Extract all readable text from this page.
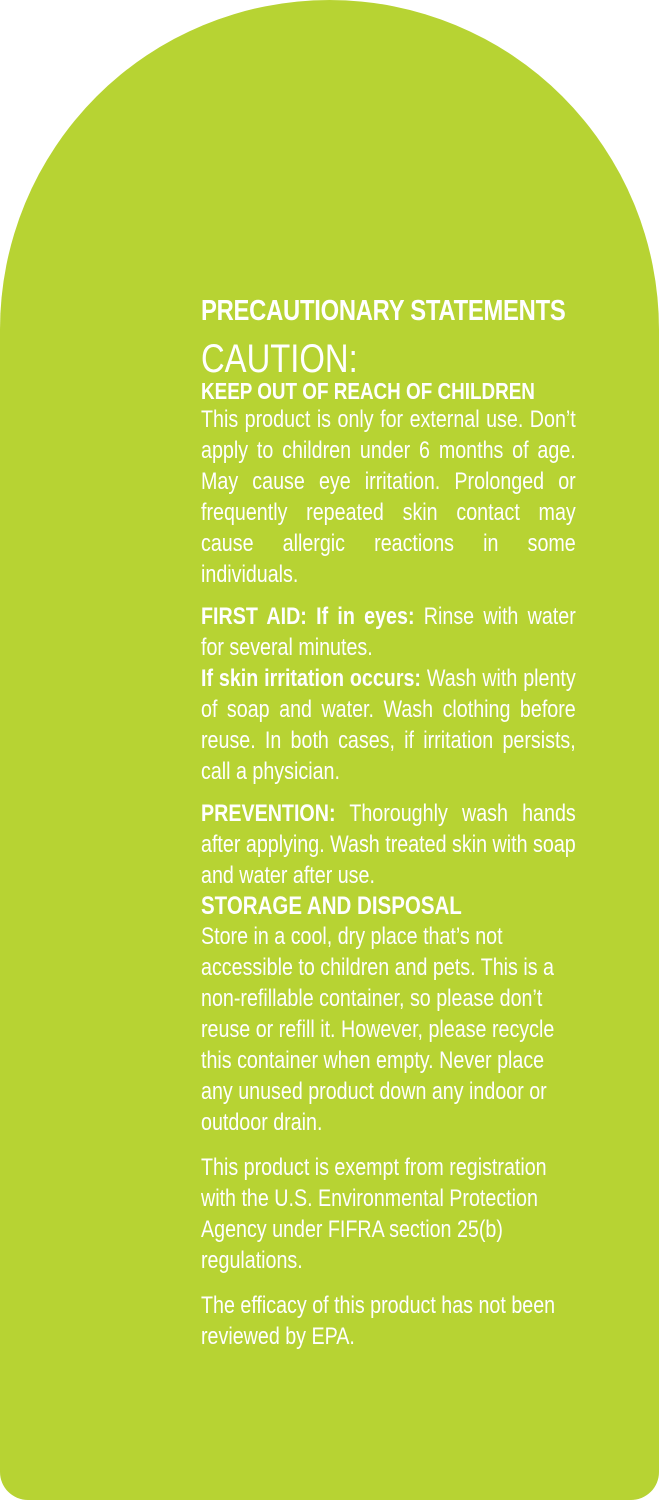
PRECAUTIONARY STATEMENTS
CAUTION:
KEEP OUT OF REACH OF CHILDREN

This product is only for external use. Don’t apply to children under 6 months of age. May cause eye irritation. Prolonged or frequently repeated skin contact may cause allergic reactions in some individuals.

FIRST AID: If in eyes: Rinse with water for several minutes.

If skin irritation occurs: Wash with plenty of soap and water. Wash clothing before reuse. In both cases, if irritation persists, call a physician.

PREVENTION: Thoroughly wash hands after applying. Wash treated skin with soap and water after use.

STORAGE AND DISPOSAL

Store in a cool, dry place that’s not accessible to children and pets. This is a non-refillable container, so please don’t reuse or refill it. However, please recycle this container when empty. Never place any unused product down any indoor or outdoor drain.

This product is exempt from registration with the U.S. Environmental Protection Agency under FIFRA section 25(b) regulations.

The efficacy of this product has not been reviewed by EPA.
